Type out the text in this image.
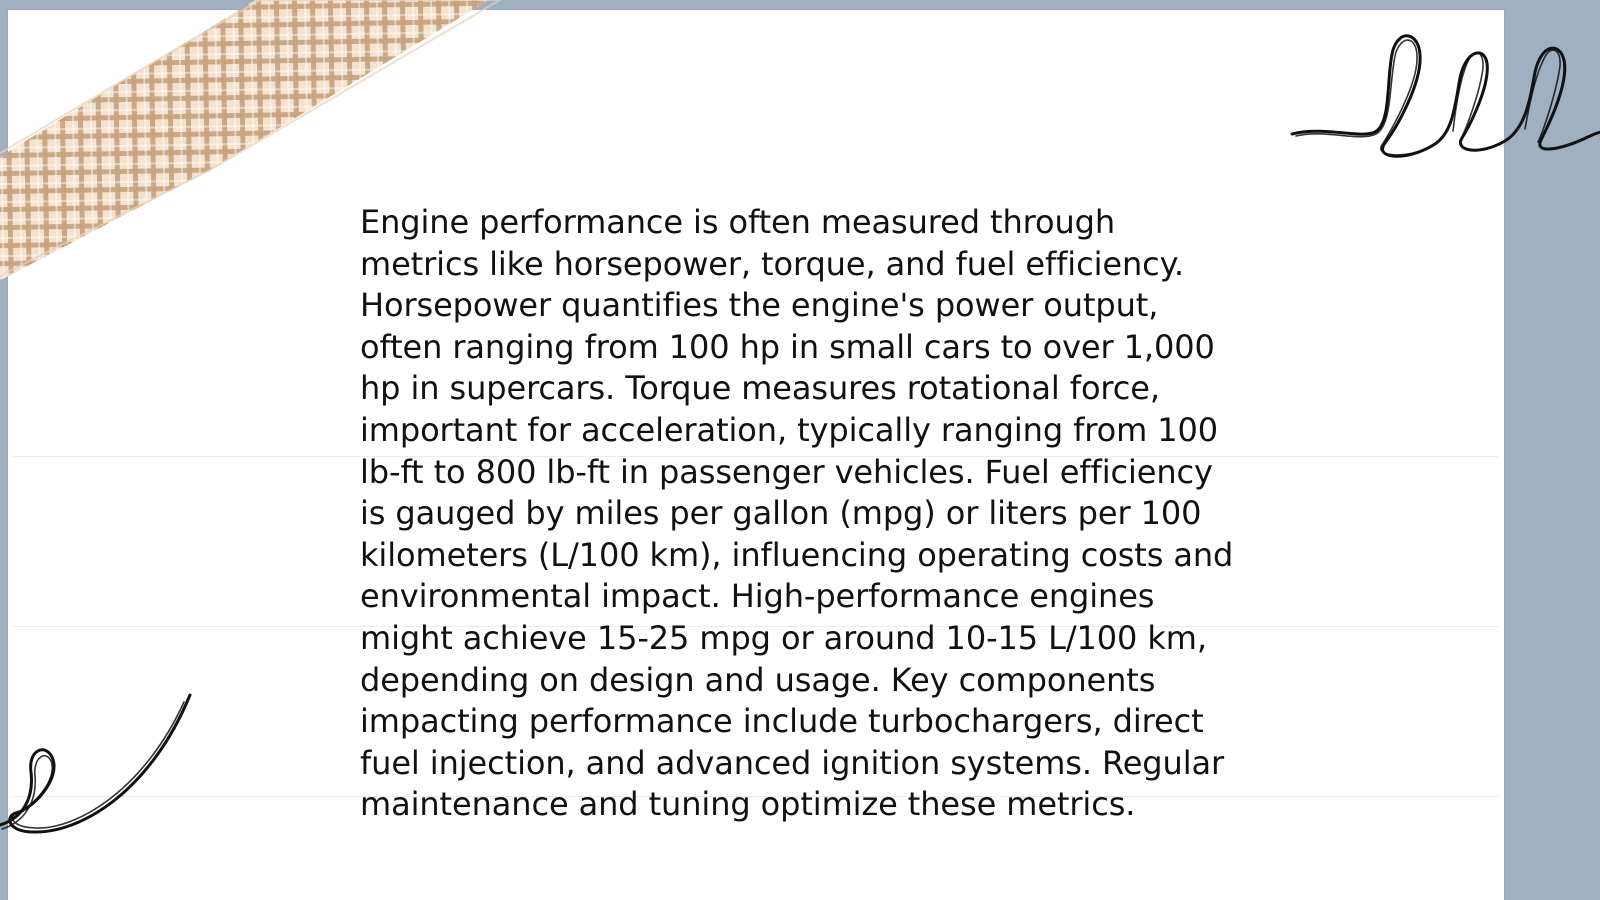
Engine performance is often measured through metrics like horsepower, torque, and fuel efficiency. Horsepower quantifies the engine's power output, often ranging from 100 hp in small cars to over 1,000 hp in supercars. Torque measures rotational force, important for acceleration, typically ranging from 100 lb-ft to 800 lb-ft in passenger vehicles. Fuel efficiency is gauged by miles per gallon (mpg) or liters per 100 kilometers (L/100 km), influencing operating costs and environmental impact. High-performance engines might achieve 15-25 mpg or around 10-15 L/100 km, depending on design and usage. Key components impacting performance include turbochargers, direct fuel injection, and advanced ignition systems. Regular maintenance and tuning optimize these metrics.
